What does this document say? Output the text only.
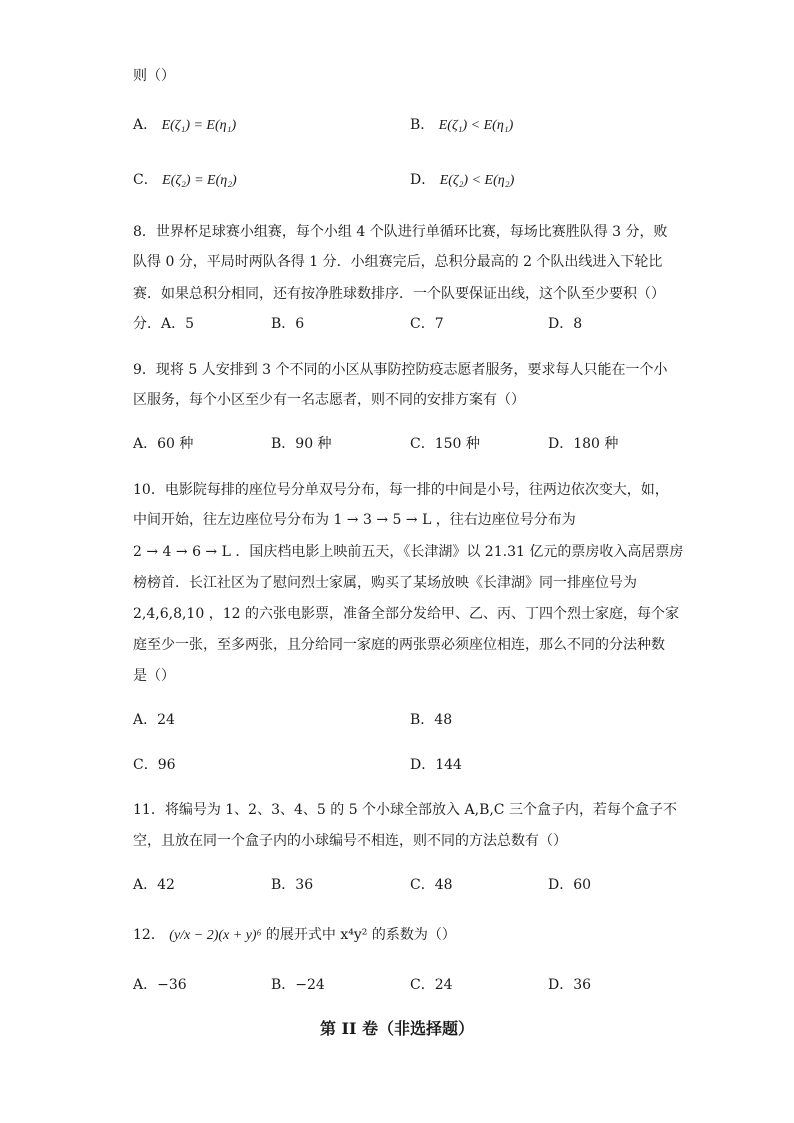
则（）
A． E(ζ₁) = E(η₁)	B． E(ζ₁) < E(η₁)
C． E(ζ₂) = E(η₂)	D． E(ζ₂) < E(η₂)
8．世界杯足球赛小组赛，每个小组 4 个队进行单循环比赛，每场比赛胜队得 3 分，败
队得 0 分，平局时两队各得 1 分．小组赛完后，总积分最高的 2 个队出线进入下轮比
赛．如果总积分相同，还有按净胜球数排序．一个队要保证出线，这个队至少要积（）
分．A．5	B．6	C．7	D．8
9．现将 5 人安排到 3 个不同的小区从事防控防疫志愿者服务，要求每人只能在一个小
区服务，每个小区至少有一名志愿者，则不同的安排方案有（）
A．60 种	B．90 种	C．150 种	D．180 种
10．电影院每排的座位号分单双号分布，每一排的中间是小号，往两边依次变大，如，
中间开始，往左边座位号分布为 1 → 3 → 5 → L ，往右边座位号分布为
2 → 4 → 6 → L ．国庆档电影上映前五天，《长津湖》以 21.31 亿元的票房收入高居票房
榜榜首．长江社区为了慰问烈士家属，购买了某场放映《长津湖》同一排座位号为
2,4,6,8,10 ，12 的六张电影票，准备全部分发给甲、乙、丙、丁四个烈士家庭，每个家
庭至少一张，至多两张，且分给同一家庭的两张票必须座位相连，那么不同的分法种数
是（）
A．24	B．48
C．96	D．144
11．将编号为 1、2、3、4、5 的 5 个小球全部放入 A,B,C 三个盒子内，若每个盒子不
空，且放在同一个盒子内的小球编号不相连，则不同的方法总数有（）
A．42	B．36	C．48	D．60
12． (y/x − 2)(x + y)⁶ 的展开式中 x⁴y² 的系数为（）
A．−36	B．−24	C．24	D．36
第 II 卷（非选择题）
